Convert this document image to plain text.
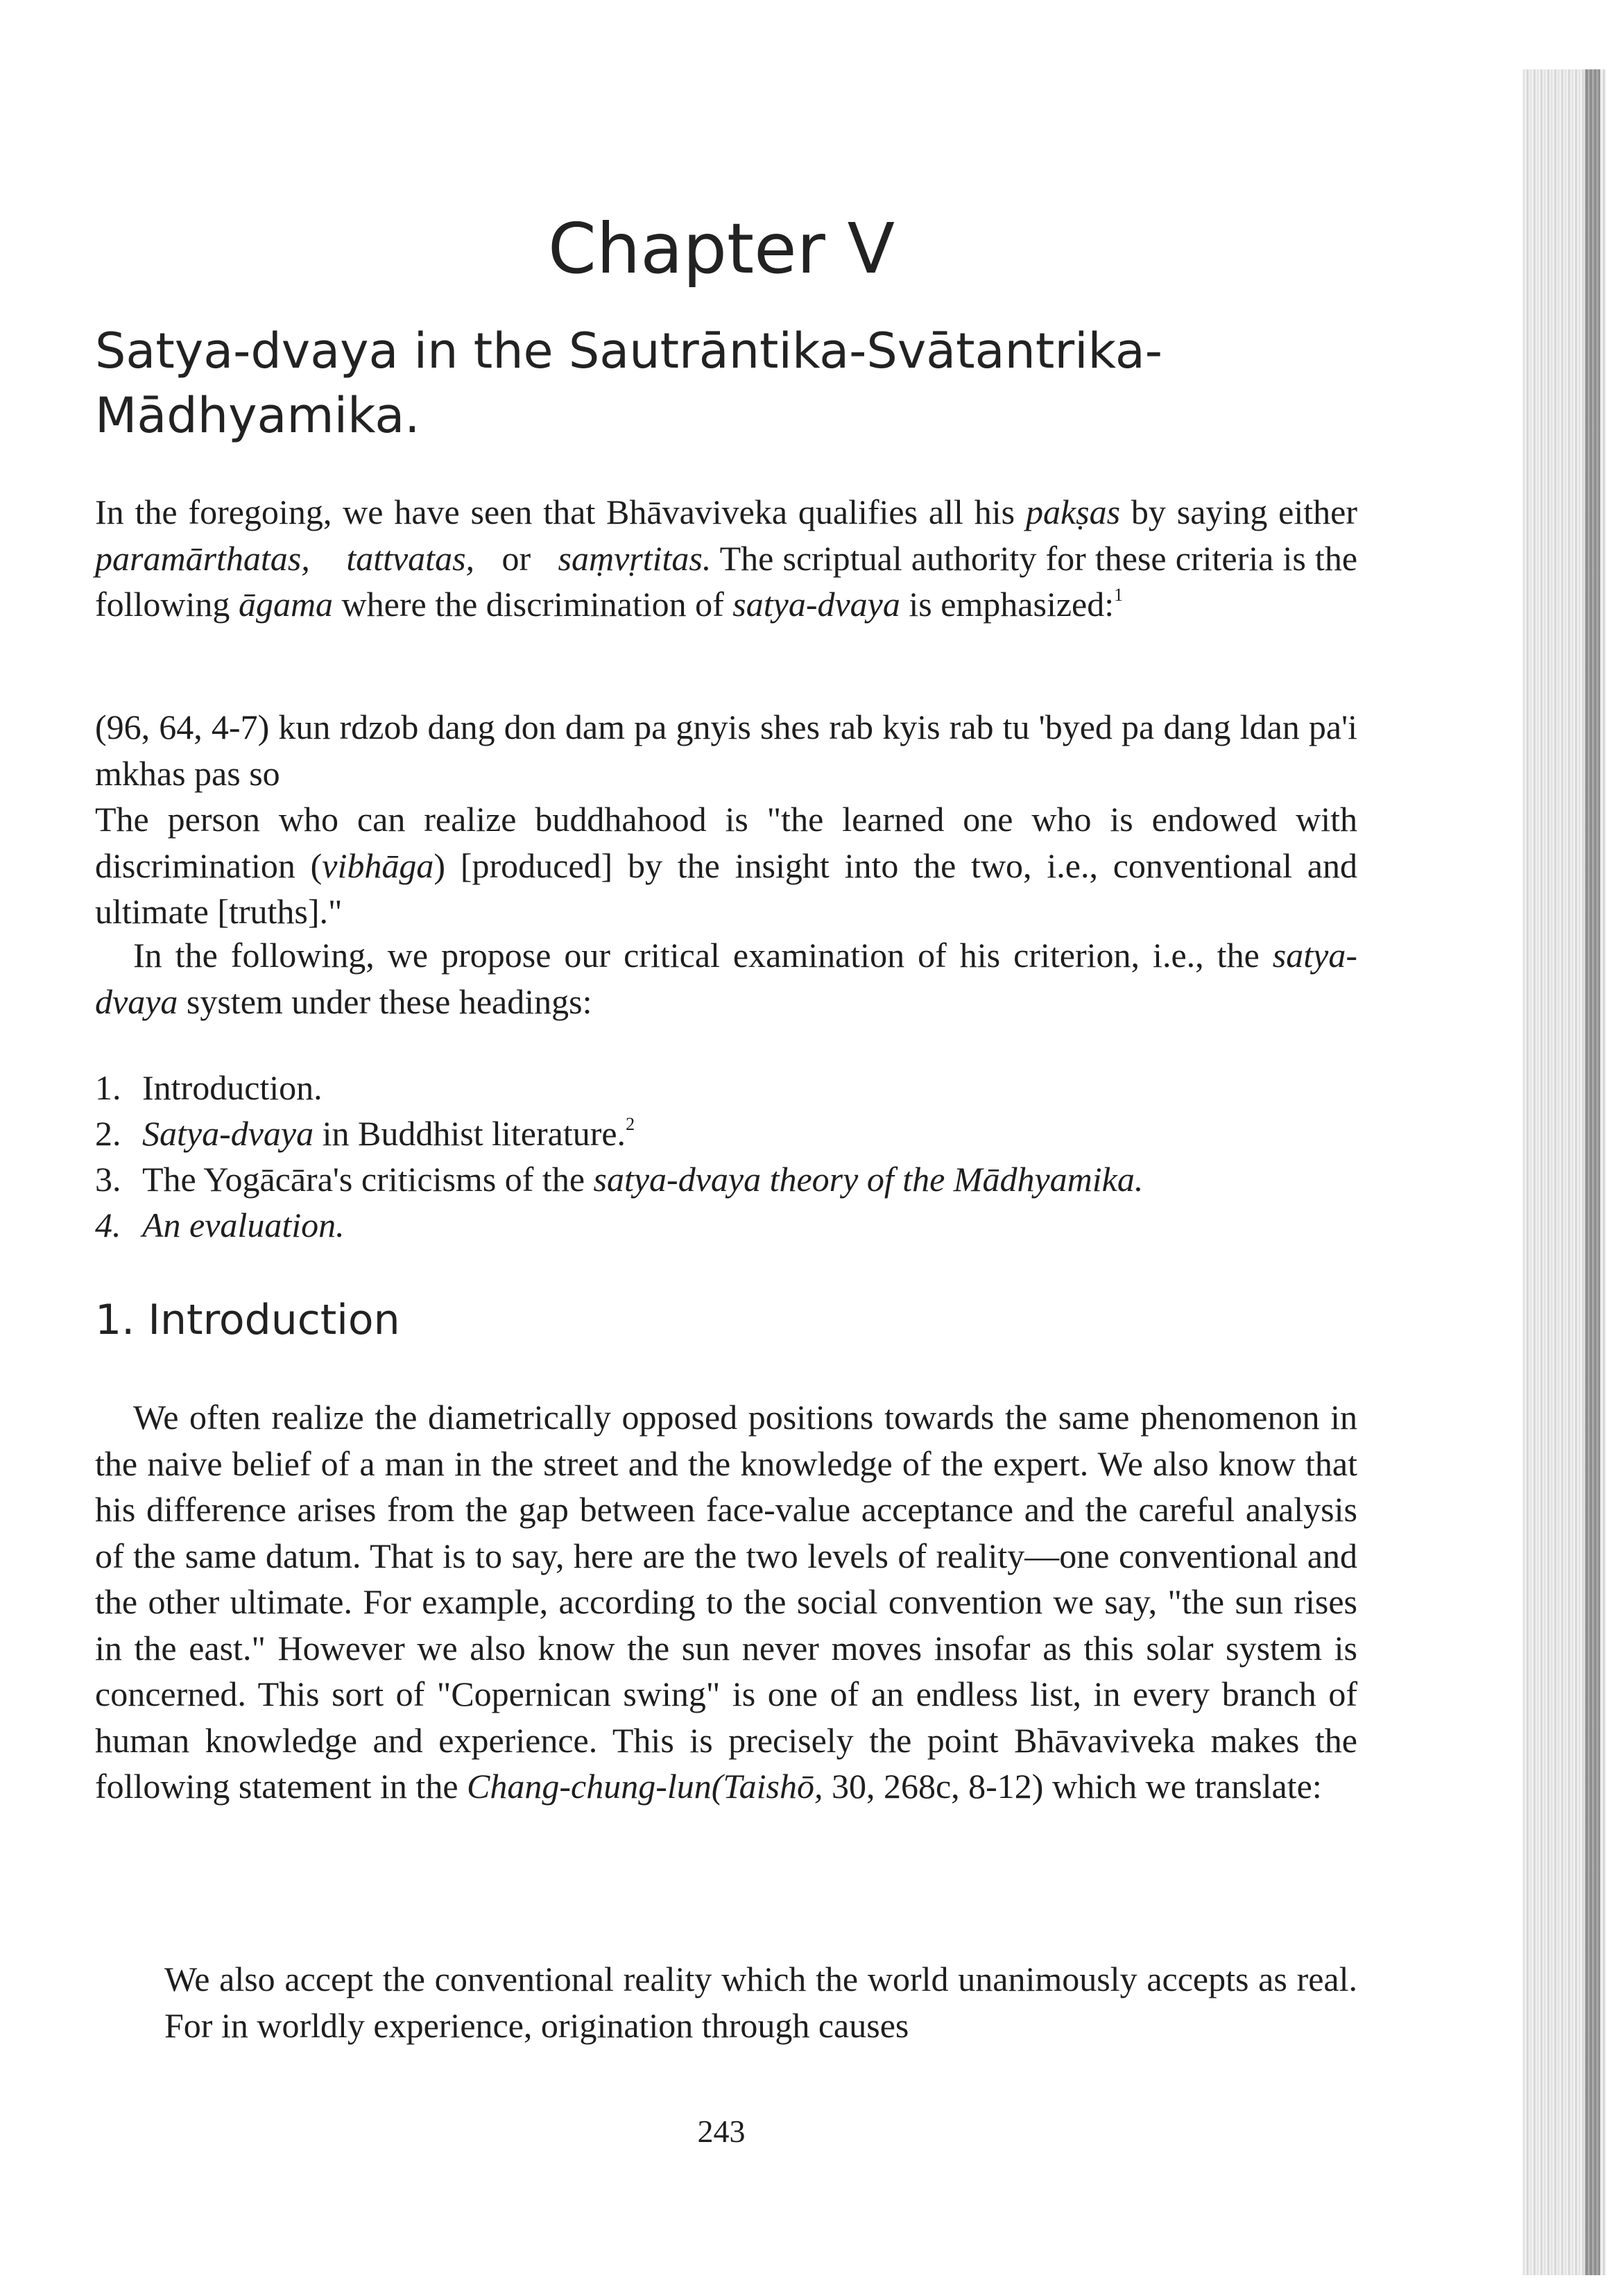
Chapter V
Satya-dvaya in the Sautrāntika-Svātantrika-
Mādhyamika.

In the foregoing, we have seen that Bhāvaviveka qualifies all his pakṣas by saying either paramārthatas, tattvatas, or saṃvṛtitas. The scriptual authority for these criteria is the following āgama where the discrimination of satya-dvaya is emphasized:$^1$

(96, 64, 4-7) kun rdzob dang don dam pa gnyis shes rab kyis rab tu 'byed pa dang ldan pa'i mkhas pas so
The person who can realize buddhahood is "the learned one who is endowed with discrimination (vibhāga) [produced] by the insight into the two, i.e., conventional and ultimate [truths]."

In the following, we propose our critical examination of his criterion, i.e., the satya-dvaya system under these headings:

1. Introduction.
2. Satya-dvaya in Buddhist literature.$^2$
3. The Yogācāra's criticisms of the satya-dvaya theory of the Mādhyamika.
4. An evaluation.
1. Introduction

We often realize the diametrically opposed positions towards the same phenomenon in the naive belief of a man in the street and the knowledge of the expert. We also know that his difference arises from the gap between face-value acceptance and the careful analysis of the same datum. That is to say, here are the two levels of reality—one conventional and the other ultimate. For example, according to the social convention we say, "the sun rises in the east." However we also know the sun never moves insofar as this solar system is concerned. This sort of "Copernican swing" is one of an endless list, in every branch of human knowledge and experience. This is precisely the point Bhāvaviveka makes the following statement in the Chang-chung-lun(Taishō, 30, 268c, 8-12) which we translate:

We also accept the conventional reality which the world unanimously accepts as real. For in worldly experience, origination through causes

243
